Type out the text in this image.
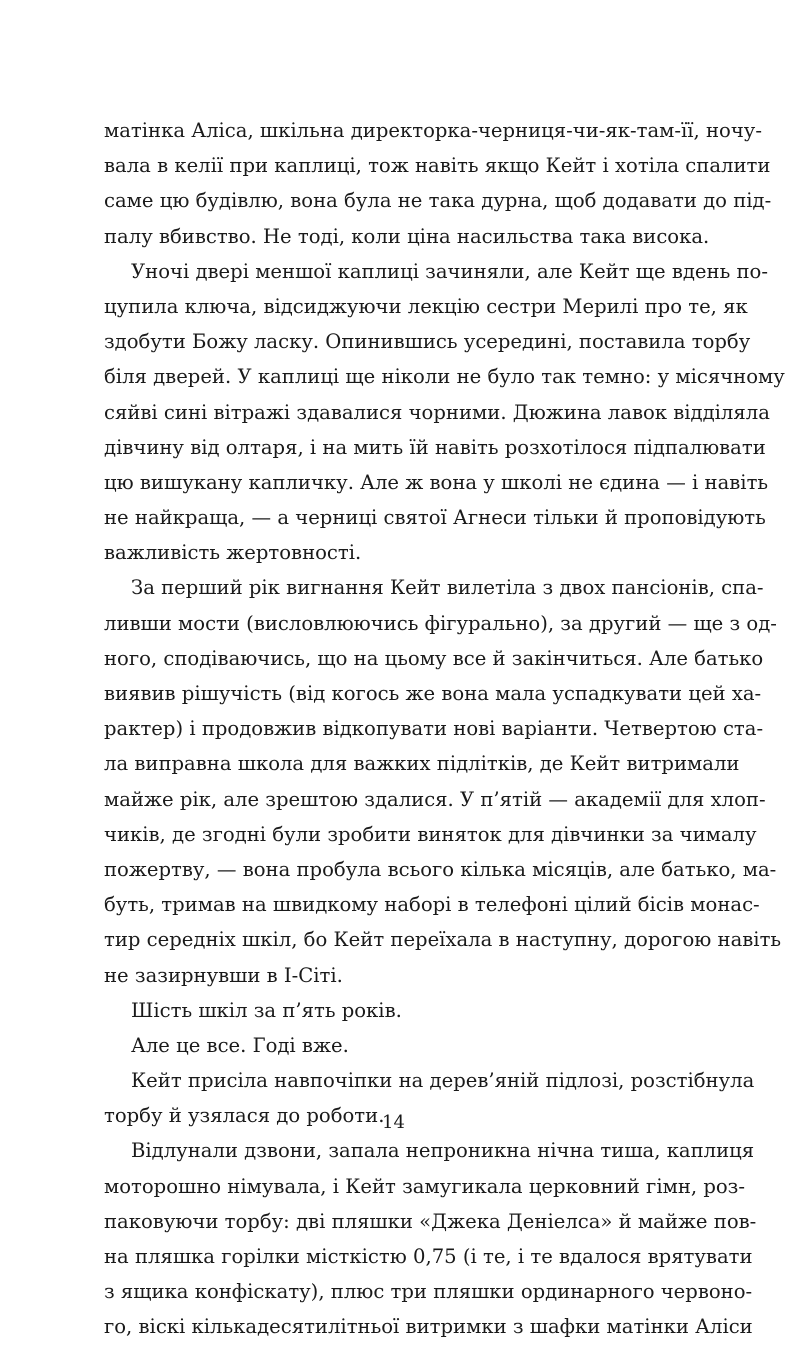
матінка Аліса, шкільна директорка-черниця-чи-як-там-її, ночу-
вала в келії при каплиці, тож навіть якщо Кейт і хотіла спалити
саме цю будівлю, вона була не така дурна, щоб додавати до під-
палу вбивство. Не тоді, коли ціна насильства така висока.
Уночі двері меншої каплиці зачиняли, але Кейт ще вдень по-
цупила ключа, відсиджуючи лекцію сестри Мерилі про те, як
здобути Божу ласку. Опинившись усередині, поставила торбу
біля дверей. У каплиці ще ніколи не було так темно: у місячному
сяйві сині вітражі здавалися чорними. Дюжина лавок відділяла
дівчину від олтаря, і на мить їй навіть розхотілося підпалювати
цю вишукану капличку. Але ж вона у школі не єдина — і навіть
не найкраща, — а черниці святої Агнеси тільки й проповідують
важливість жертовності.
За перший рік вигнання Кейт вилетіла з двох пансіонів, спа-
ливши мости (висловлюючись фігурально), за другий — ще з од-
ного, сподіваючись, що на цьому все й закінчиться. Але батько
виявив рішучість (від когось же вона мала успадкувати цей ха-
рактер) і продовжив відкопувати нові варіанти. Четвертою ста-
ла виправна школа для важких підлітків, де Кейт витримали
майже рік, але зрештою здалися. У п’ятій — академії для хлоп-
чиків, де згодні були зробити виняток для дівчинки за чималу
пожертву, — вона пробула всього кілька місяців, але батько, ма-
буть, тримав на швидкому наборі в телефоні цілий бісів монас-
тир середніх шкіл, бо Кейт переїхала в наступну, дорогою навіть
не зазирнувши в І-Сіті.
Шість шкіл за п’ять років.
Але це все. Годі вже.
Кейт присіла навпочіпки на дерев’яній підлозі, розстібнула
торбу й узялася до роботи.
Відлунали дзвони, запала непроникна нічна тиша, каплиця
моторошно німувала, і Кейт замугикала церковний гімн, роз-
паковуючи торбу: дві пляшки «Джека Деніелса» й майже пов-
на пляшка горілки місткістю 0,75 (і те, і те вдалося врятувати
з ящика конфіскату), плюс три пляшки ординарного червоно-
го, віскі кількадесятилітньої витримки з шафки матінки Аліси
14
